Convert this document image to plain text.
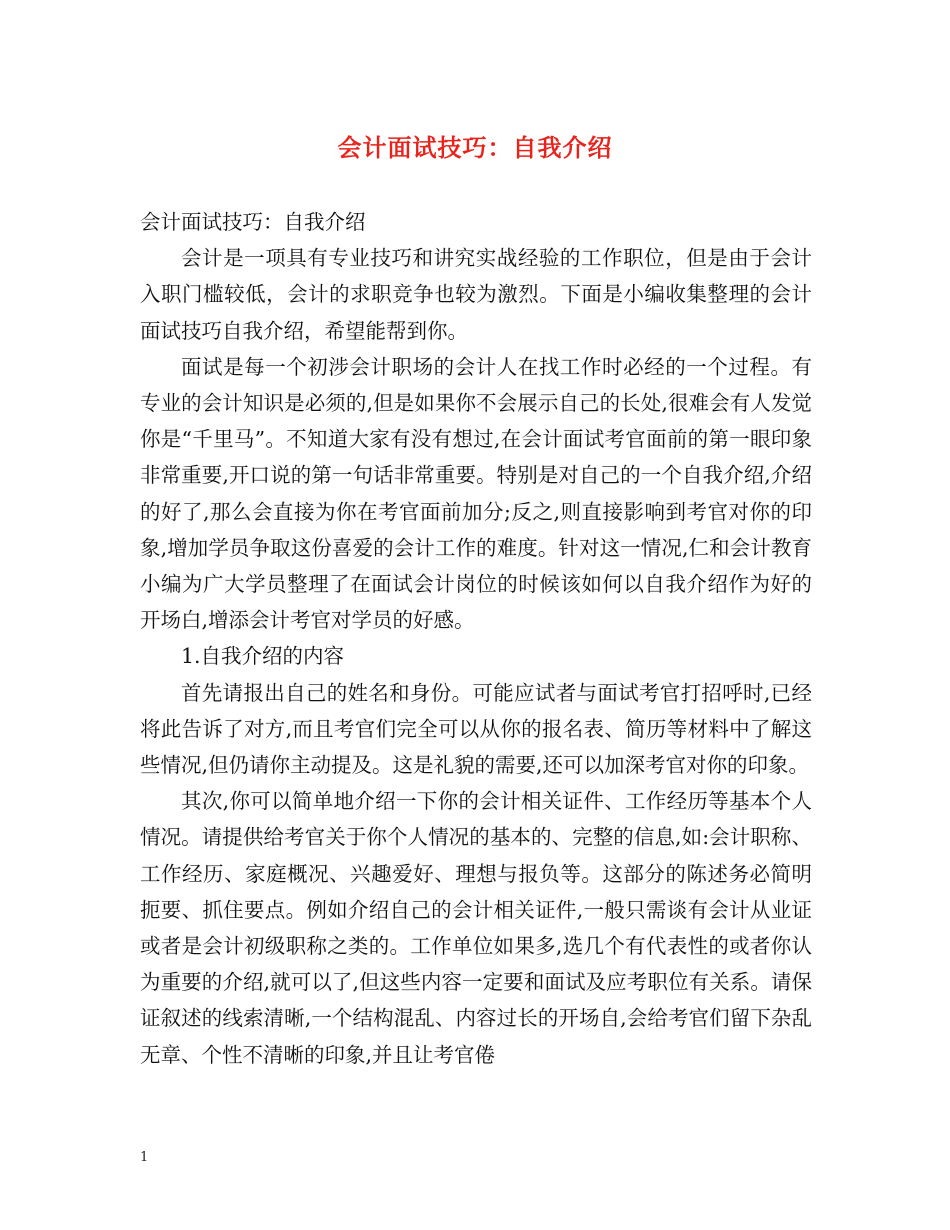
会计面试技巧：自我介绍

会计面试技巧：自我介绍

会计是一项具有专业技巧和讲究实战经验的工作职位，但是由于会计入职门槛较低，会计的求职竞争也较为激烈。下面是小编收集整理的会计面试技巧自我介绍，希望能帮到你。

面试是每一个初涉会计职场的会计人在找工作时必经的一个过程。有专业的会计知识是必须的,但是如果你不会展示自己的长处,很难会有人发觉你是“千里马”。不知道大家有没有想过,在会计面试考官面前的第一眼印象非常重要,开口说的第一句话非常重要。特别是对自己的一个自我介绍,介绍的好了,那么会直接为你在考官面前加分;反之,则直接影响到考官对你的印象,增加学员争取这份喜爱的会计工作的难度。针对这一情况,仁和会计教育小编为广大学员整理了在面试会计岗位的时候该如何以自我介绍作为好的开场白,增添会计考官对学员的好感。

1.自我介绍的内容

首先请报出自己的姓名和身份。可能应试者与面试考官打招呼时,已经将此告诉了对方,而且考官们完全可以从你的报名表、简历等材料中了解这些情况,但仍请你主动提及。这是礼貌的需要,还可以加深考官对你的印象。

其次,你可以简单地介绍一下你的会计相关证件、工作经历等基本个人情况。请提供给考官关于你个人情况的基本的、完整的信息,如:会计职称、工作经历、家庭概况、兴趣爱好、理想与报负等。这部分的陈述务必简明扼要、抓住要点。例如介绍自己的会计相关证件,一般只需谈有会计从业证或者是会计初级职称之类的。工作单位如果多,选几个有代表性的或者你认为重要的介绍,就可以了,但这些内容一定要和面试及应考职位有关系。请保证叙述的线索清晰,一个结构混乱、内容过长的开场自,会给考官们留下杂乱无章、个性不清晰的印象,并且让考官倦

1
